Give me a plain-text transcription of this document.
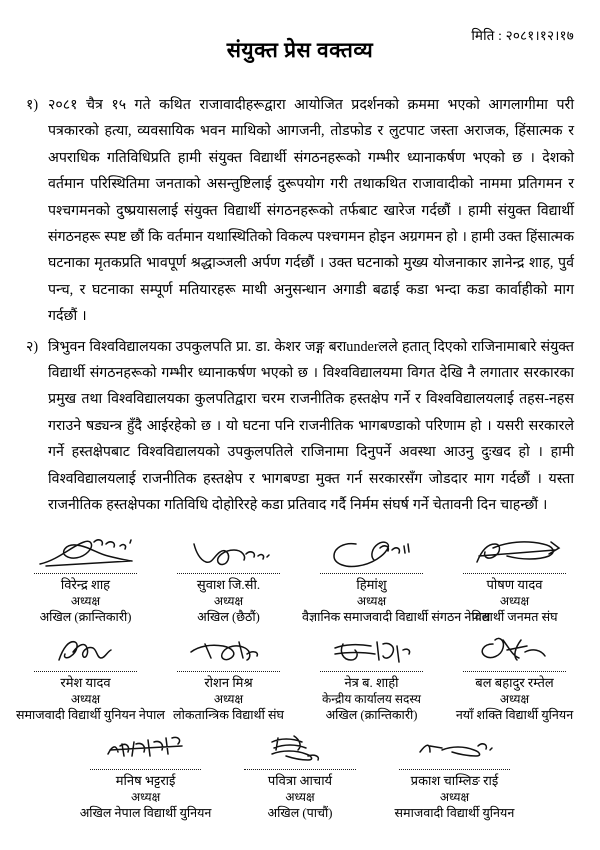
मिति : २०८१।१२।१७
संयुक्त प्रेस वक्तव्य
१) २०८१ चैत्र १५ गते कथित राजावादीहरूद्वारा आयोजित प्रदर्शनको क्रममा भएको आगलागीमा परी पत्रकारको हत्या, व्यवसायिक भवन माथिको आगजनी, तोडफोड र लुटपाट जस्ता अराजक, हिंसात्मक र अपराधिक गतिविधिप्रति हामी संयुक्त विद्यार्थी संगठनहरूको गम्भीर ध्यानाकर्षण भएको छ । देशको वर्तमान परिस्थितिमा जनताको असन्तुष्टिलाई दुरूपयोग गरी तथाकथित राजावादीको नाममा प्रतिगमन र पश्चगमनको दुष्प्रयासलाई संयुक्त विद्यार्थी संगठनहरूको तर्फबाट खारेज गर्दछौं । हामी संयुक्त विद्यार्थी संगठनहरू स्पष्ट छौं कि वर्तमान यथास्थितिको विकल्प पश्चगमन होइन अग्रगमन हो । हामी उक्त हिंसात्मक घटनाका मृतकप्रति भावपूर्ण श्रद्धाञ्जली अर्पण गर्दछौं । उक्त घटनाको मुख्य योजनाकार ज्ञानेन्द्र शाह, पुर्व पन्च, र घटनाका सम्पूर्ण मतियारहरू माथी अनुसन्धान अगाडी बढाई कडा भन्दा कडा कार्वाहीको माग गर्दछौं ।
२) त्रिभुवन विश्वविद्यालयका उपकुलपति प्रा. डा. केशर जङ्ग बराunderलले हतात् दिएको राजिनामाबारे संयुक्त विद्यार्थी संगठनहरूको गम्भीर ध्यानाकर्षण भएको छ । विश्वविद्यालयमा विगत देखि नै लगातार सरकारका प्रमुख तथा विश्वविद्यालयका कुलपतिद्वारा चरम राजनीतिक हस्तक्षेप गर्ने र विश्वविद्यालयलाई तहस-नहस गराउने षड्यन्त्र हुँदै आईरहेको छ । यो घटना पनि राजनीतिक भागबण्डाको परिणाम हो । यसरी सरकारले गर्ने हस्तक्षेपबाट विश्वविद्यालयको उपकुलपतिले राजिनामा दिनुपर्ने अवस्था आउनु दुःखद हो । हामी विश्वविद्यालयलाई राजनीतिक हस्तक्षेप र भागबण्डा मुक्त गर्न सरकारसँग जोडदार माग गर्दछौं । यस्ता राजनीतिक हस्तक्षेपका गतिविधि दोहोरिरहे कडा प्रतिवाद गर्दै निर्मम संघर्ष गर्ने चेतावनी दिन चाहन्छौं ।
विरेन्द्र शाह
अध्यक्ष
अखिल (क्रान्तिकारी)
सुवाश जि.सी.
अध्यक्ष
अखिल (छैठौं)
हिमांशु
अध्यक्ष
वैज्ञानिक समाजवादी विद्यार्थी संगठन नेपाल
पोषण यादव
अध्यक्ष
विद्यार्थी जनमत संघ
रमेश यादव
अध्यक्ष
समाजवादी विद्यार्थी युनियन नेपाल
रोशन मिश्र
अध्यक्ष
लोकतान्त्रिक विद्यार्थी संघ
नेत्र ब. शाही
केन्द्रीय कार्यालय सदस्य
अखिल (क्रान्तिकारी)
बल बहादुर रम्तेल
अध्यक्ष
नयाँ शक्ति विद्यार्थी युनियन
मनिष भट्टराई
अध्यक्ष
अखिल नेपाल विद्यार्थी युनियन
पवित्रा आचार्य
अध्यक्ष
अखिल (पाचौं)
प्रकाश चाम्लिङ राई
अध्यक्ष
समाजवादी विद्यार्थी युनियन
